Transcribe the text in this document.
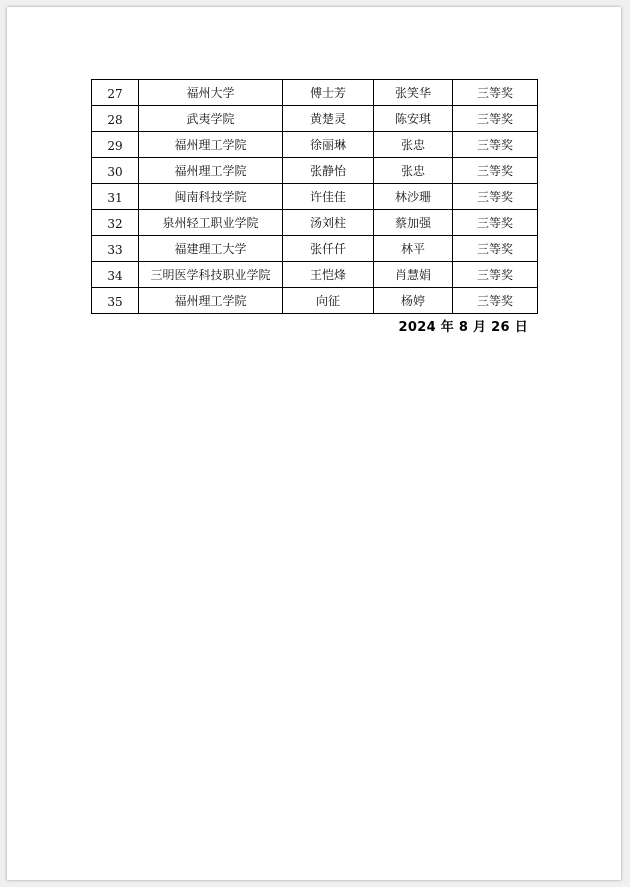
27	福州大学	傅士芳	张笑华	三等奖
28	武夷学院	黄楚灵	陈安琪	三等奖
29	福州理工学院	徐丽琳	张忠	三等奖
30	福州理工学院	张静怡	张忠	三等奖
31	闽南科技学院	许佳佳	林沙珊	三等奖
32	泉州轻工职业学院	汤刘柱	蔡加强	三等奖
33	福建理工大学	张仟仟	林平	三等奖
34	三明医学科技职业学院	王恺烽	肖慧娟	三等奖
35	福州理工学院	向征	杨婷	三等奖
2024 年 8 月 26 日
